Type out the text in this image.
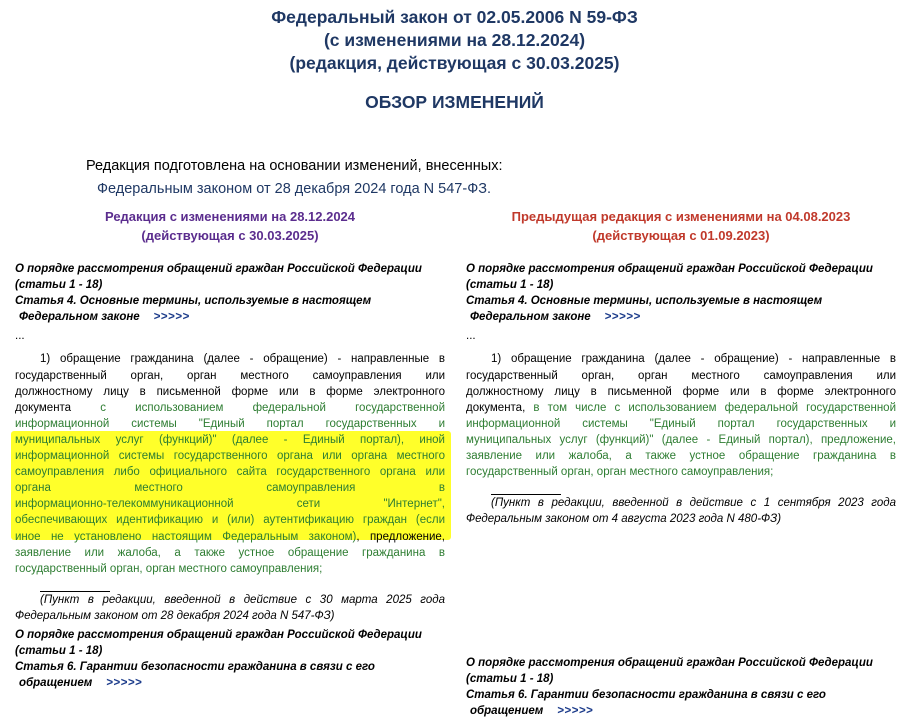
Федеральный закон от 02.05.2006 N 59-ФЗ
(с изменениями на 28.12.2024)
(редакция, действующая с 30.03.2025)
ОБЗОР ИЗМЕНЕНИЙ
Редакция подготовлена на основании изменений, внесенных:
Федеральным законом от 28 декабря 2024 года N 547-ФЗ.
Редакция с изменениями на 28.12.2024
(действующая с 30.03.2025)
Предыдущая редакция с изменениями на 04.08.2023
(действующая с 01.09.2023)

О порядке рассмотрения обращений граждан Российской Федерации

(статьи 1 - 18)

Статья 4. Основные термины, используемые в настоящем

Федеральном законе >>>>>

...

1) обращение гражданина (далее - обращение) - направленные в

государственный орган, орган местного самоуправления или

должностному лицу в письменной форме или в форме электронного

документа с использованием федеральной государственной

информационной системы "Единый портал государственных и

муниципальных услуг (функций)" (далее - Единый портал), иной

информационной системы государственного органа или органа местного

самоуправления либо официального сайта государственного органа или

органа местного самоуправления в

информационно-телекоммуникационной сети "Интернет",

обеспечивающих идентификацию и (или) аутентификацию граждан (если

иное не установлено настоящим Федеральным законом), предложение,

заявление или жалоба, а также устное обращение гражданина в

государственный орган, орган местного самоуправления;

(Пункт в редакции, введенной в действие с 30 марта 2025 года

Федеральным законом от 28 декабря 2024 года N 547-ФЗ)

О порядке рассмотрения обращений граждан Российской Федерации

(статьи 1 - 18)

Статья 6. Гарантии безопасности гражданина в связи с его

обращением >>>>>

О порядке рассмотрения обращений граждан Российской Федерации

(статьи 1 - 18)

Статья 4. Основные термины, используемые в настоящем

Федеральном законе >>>>>

...

1) обращение гражданина (далее - обращение) - направленные в

государственный орган, орган местного самоуправления или

должностному лицу в письменной форме или в форме электронного

документа, в том числе с использованием федеральной государственной

информационной системы "Единый портал государственных и

муниципальных услуг (функций)" (далее - Единый портал), предложение,

заявление или жалоба, а также устное обращение гражданина в

государственный орган, орган местного самоуправления;

(Пункт в редакции, введенной в действие с 1 сентября 2023 года

Федеральным законом от 4 августа 2023 года N 480-ФЗ)

О порядке рассмотрения обращений граждан Российской Федерации

(статьи 1 - 18)

Статья 6. Гарантии безопасности гражданина в связи с его

обращением >>>>>
